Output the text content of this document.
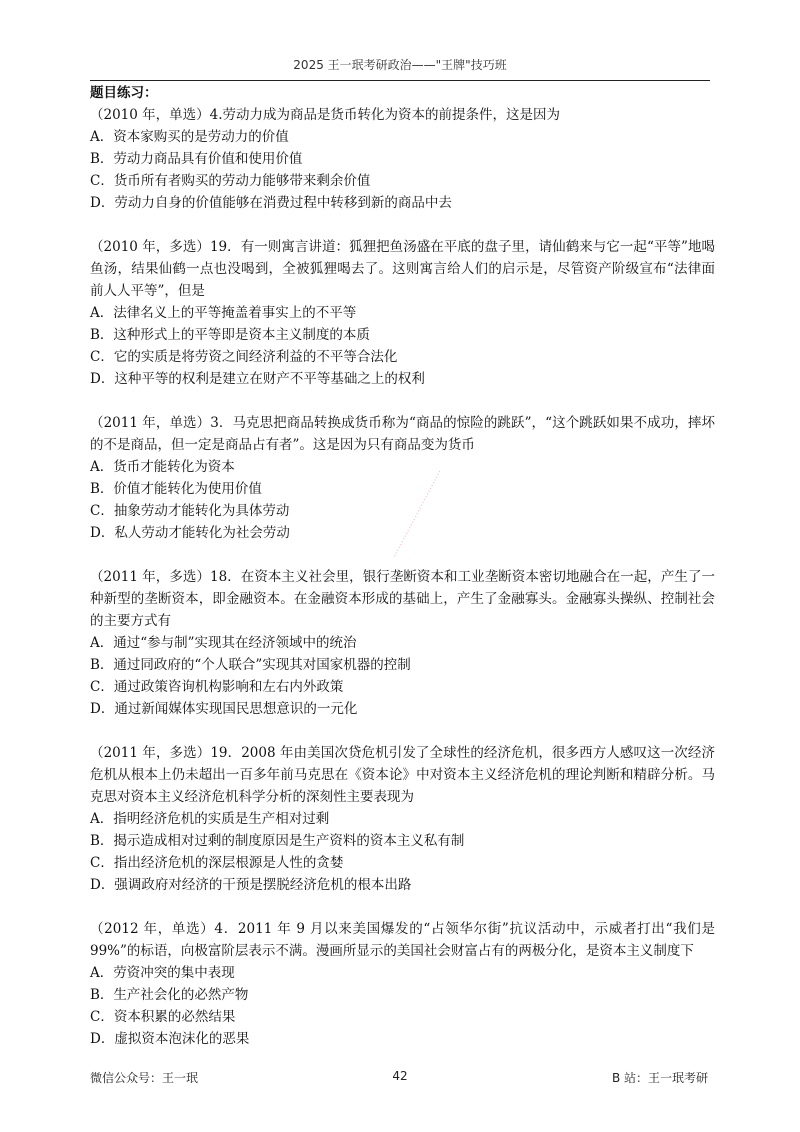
2025 王一珉考研政治——"王牌"技巧班
题目练习：
（2010 年，单选）4.劳动力成为商品是货币转化为资本的前提条件，这是因为
A．资本家购买的是劳动力的价值
B．劳动力商品具有价值和使用价值
C．货币所有者购买的劳动力能够带来剩余价值
D．劳动力自身的价值能够在消费过程中转移到新的商品中去
（2010 年，多选）19．有一则寓言讲道：狐狸把鱼汤盛在平底的盘子里，请仙鹤来与它一起“平等”地喝鱼汤，结果仙鹤一点也没喝到，全被狐狸喝去了。这则寓言给人们的启示是，尽管资产阶级宣布“法律面前人人平等”，但是
A．法律名义上的平等掩盖着事实上的不平等
B．这种形式上的平等即是资本主义制度的本质
C．它的实质是将劳资之间经济利益的不平等合法化
D．这种平等的权利是建立在财产不平等基础之上的权利
（2011 年，单选）3．马克思把商品转换成货币称为“商品的惊险的跳跃”，“这个跳跃如果不成功，摔坏的不是商品，但一定是商品占有者”。这是因为只有商品变为货币
A．货币才能转化为资本
B．价值才能转化为使用价值
C．抽象劳动才能转化为具体劳动
D．私人劳动才能转化为社会劳动
（2011 年，多选）18．在资本主义社会里，银行垄断资本和工业垄断资本密切地融合在一起，产生了一种新型的垄断资本，即金融资本。在金融资本形成的基础上，产生了金融寡头。金融寡头操纵、控制社会的主要方式有
A．通过“参与制”实现其在经济领域中的统治
B．通过同政府的“个人联合”实现其对国家机器的控制
C．通过政策咨询机构影响和左右内外政策
D．通过新闻媒体实现国民思想意识的一元化
（2011 年，多选）19．2008 年由美国次贷危机引发了全球性的经济危机，很多西方人感叹这一次经济危机从根本上仍未超出一百多年前马克思在《资本论》中对资本主义经济危机的理论判断和精辟分析。马克思对资本主义经济危机科学分析的深刻性主要表现为
A．指明经济危机的实质是生产相对过剩
B．揭示造成相对过剩的制度原因是生产资料的资本主义私有制
C．指出经济危机的深层根源是人性的贪婪
D．强调政府对经济的干预是摆脱经济危机的根本出路
（2012 年，单选）4．2011 年 9 月以来美国爆发的“占领华尔街”抗议活动中，示威者打出“我们是 99%”的标语，向极富阶层表示不满。漫画所显示的美国社会财富占有的两极分化，是资本主义制度下
A．劳资冲突的集中表现
B．生产社会化的必然产物
C．资本积累的必然结果
D．虚拟资本泡沫化的恶果
·······························
微信公众号：王一珉	42	B 站：王一珉考研
